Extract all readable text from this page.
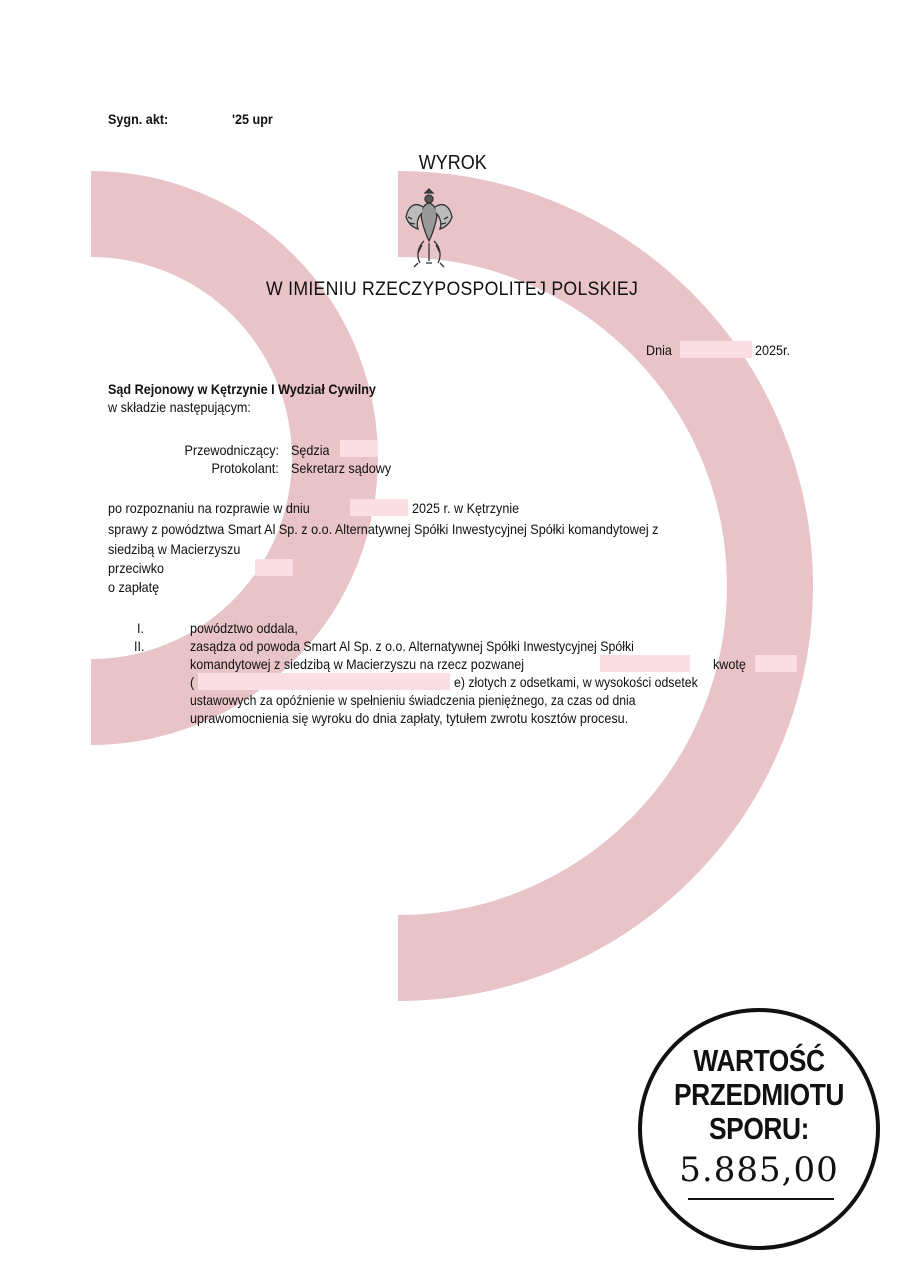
Sygn. akt:	'25 upr
WYROK
W IMIENIU RZECZYPOSPOLITEJ POLSKIEJ
Dnia	2025r.
Sąd Rejonowy w Kętrzynie I Wydział Cywilny
w składzie następującym:
Przewodniczący: Sędzia
Protokolant: Sekretarz sądowy
po rozpoznaniu na rozprawie w dniu	2025 r. w Kętrzynie
sprawy z powództwa Smart Al Sp. z o.o. Alternatywnej Spółki Inwestycyjnej Spółki komandytowej z
siedzibą w Macierzyszu
przeciwko
o zapłatę
I.	powództwo oddala,
II.	zasądza od powoda Smart Al Sp. z o.o. Alternatywnej Spółki Inwestycyjnej Spółki
komandytowej z siedzibą w Macierzyszu na rzecz pozwanej	kwotę
(	e) złotych z odsetkami, w wysokości odsetek
ustawowych za opóźnienie w spełnieniu świadczenia pieniężnego, za czas od dnia
uprawomocnienia się wyroku do dnia zapłaty, tytułem zwrotu kosztów procesu.
WARTOŚĆ
PRZEDMIOTU
SPORU:
5.885,00
